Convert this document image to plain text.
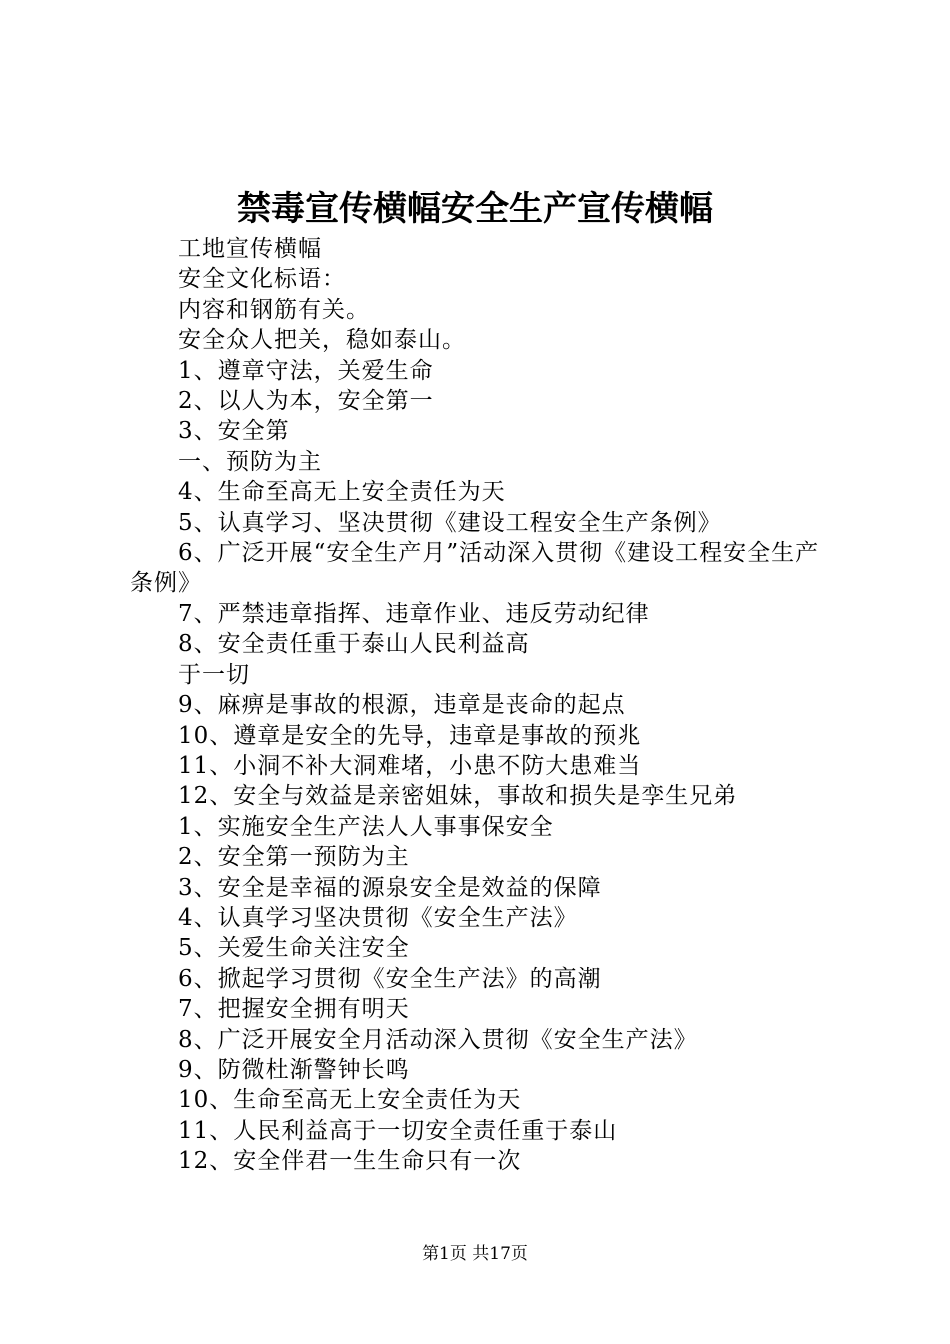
禁毒宣传横幅安全生产宣传横幅

工地宣传横幅

安全文化标语：

内容和钢筋有关。

安全众人把关，稳如泰山。

1、遵章守法，关爱生命

2、以人为本，安全第一

3、安全第

一、预防为主

4、生命至高无上安全责任为天

5、认真学习、坚决贯彻《建设工程安全生产条例》

6、广泛开展“安全生产月”活动深入贯彻《建设工程安全生产条例》

7、严禁违章指挥、违章作业、违反劳动纪律

8、安全责任重于泰山人民利益高

于一切

9、麻痹是事故的根源，违章是丧命的起点

10、遵章是安全的先导，违章是事故的预兆

11、小洞不补大洞难堵，小患不防大患难当

12、安全与效益是亲密姐妹，事故和损失是孪生兄弟

1、实施安全生产法人人事事保安全

2、安全第一预防为主

3、安全是幸福的源泉安全是效益的保障

4、认真学习坚决贯彻《安全生产法》

5、关爱生命关注安全

6、掀起学习贯彻《安全生产法》的高潮

7、把握安全拥有明天

8、广泛开展安全月活动深入贯彻《安全生产法》

9、防微杜渐警钟长鸣

10、生命至高无上安全责任为天

11、人民利益高于一切安全责任重于泰山

12、安全伴君一生生命只有一次

第1页 共17页
